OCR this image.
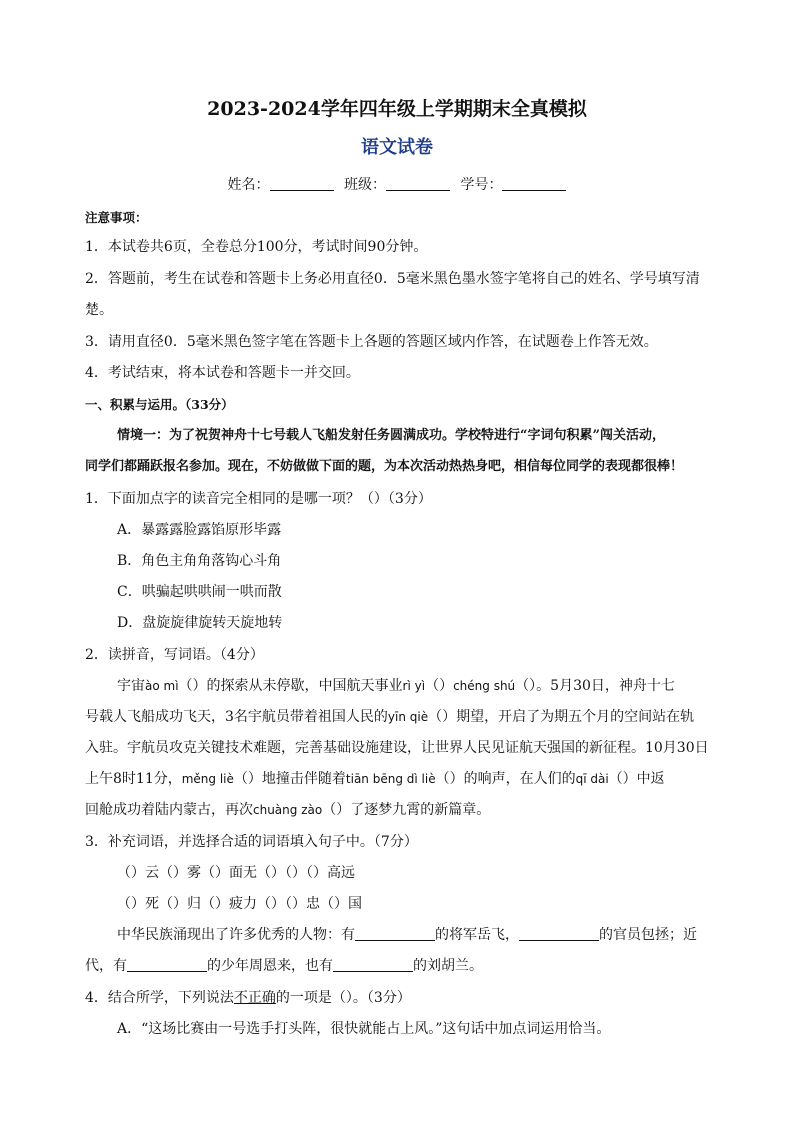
2023-2024学年四年级上学期期末全真模拟
语文试卷
姓名：	班级：	学号：
注意事项：
1．本试卷共6页，全卷总分100分，考试时间90分钟。
2．答题前，考生在试卷和答题卡上务必用直径0．5毫米黑色墨水签字笔将自己的姓名、学号填写清
楚。
3．请用直径0．5毫米黑色签字笔在答题卡上各题的答题区域内作答，在试题卷上作答无效。
4．考试结束，将本试卷和答题卡一并交回。
一、积累与运用。（33分）
情境一：为了祝贺神舟十七号载人飞船发射任务圆满成功。学校特进行“字词句积累”闯关活动，
同学们都踊跃报名参加。现在，不妨做做下面的题，为本次活动热热身吧，相信每位同学的表现都很棒！
1．下面加点字的读音完全相同的是哪一项？（）（3分）
A．暴露露脸露馅原形毕露
B．角色主角角落钩心斗角
C．哄骗起哄哄闹一哄而散
D．盘旋旋律旋转天旋地转
2．读拼音，写词语。（4分）
宇宙ào mì（）的探索从未停歇，中国航天事业rì yì（）chéng shú（）。5月30日，神舟十七
号载人飞船成功飞天，3名宇航员带着祖国人民的yīn qiè（）期望，开启了为期五个月的空间站在轨
入驻。宇航员攻克关键技术难题，完善基础设施建设，让世界人民见证航天强国的新征程。10月30日
上午8时11分，měng liè（）地撞击伴随着tiān bēng dì liè（）的响声，在人们的qī dài（）中返
回舱成功着陆内蒙古，再次chuàng zào（）了逐梦九霄的新篇章。
3．补充词语，并选择合适的词语填入句子中。（7分）
（）云（）雾（）面无（）（）（）高远
（）死（）归（）疲力（）（）忠（）国
中华民族涌现出了许多优秀的人物：有	的将军岳飞，	的官员包拯；近
代，有	的少年周恩来，也有	的刘胡兰。
4．结合所学，下列说法不正确的一项是（）。（3分）
A．“这场比赛由一号选手打头阵，很快就能占上风。”这句话中加点词运用恰当。
